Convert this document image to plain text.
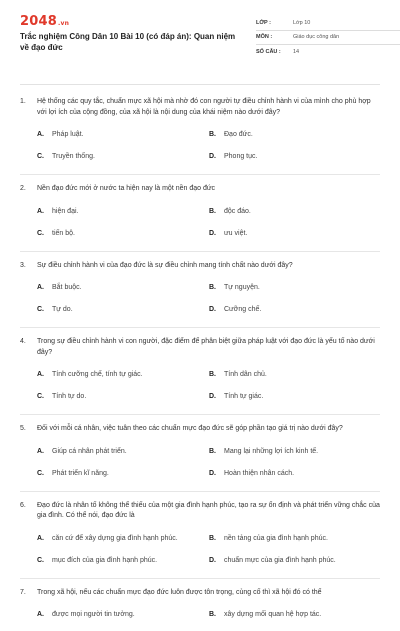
2048.vn
Trắc nghiệm Công Dân 10 Bài 10 (có đáp án): Quan niệm về đạo đức
LỚP :	Lớp 10
MÔN :	Giáo dục công dân
SỐ CÂU :	14
1.	Hệ thống các quy tắc, chuẩn mực xã hội mà nhờ đó con người tự điều chỉnh hành vi của mình cho phù hợp với lợi ích của cộng đồng, của xã hội là nội dung của khái niệm nào dưới đây?
A.	Pháp luật.	B.	Đạo đức.
C.	Truyền thống.	D.	Phong tục.
2.	Nền đạo đức mới ở nước ta hiện nay là một nền đạo đức
A.	hiện đại.	B.	độc đáo.
C.	tiến bộ.	D.	ưu việt.
3.	Sự điều chỉnh hành vi của đạo đức là sự điều chỉnh mang tính chất nào dưới đây?
A.	Bắt buộc.	B.	Tự nguyện.
C.	Tự do.	D.	Cưỡng chế.
4.	Trong sự điều chỉnh hành vi con người, đặc điểm để phân biệt giữa pháp luật với đạo đức là yếu tố nào dưới đây?
A.	Tính cưỡng chế, tính tự giác.	B.	Tính dân chủ.
C.	Tính tự do.	D.	Tính tự giác.
5.	Đối với mỗi cá nhân, việc tuân theo các chuẩn mực đạo đức sẽ góp phần tạo giá trị nào dưới đây?
A.	Giúp cá nhân phát triển.	B.	Mang lại những lợi ích kinh tế.
C.	Phát triển kĩ năng.	D.	Hoàn thiện nhân cách.
6.	Đạo đức là nhân tố không thể thiếu của một gia đình hạnh phúc, tạo ra sự ổn định và phát triển vững chắc của gia đình. Có thể nói, đạo đức là
A.	căn cứ để xây dựng gia đình hạnh phúc.	B.	nền tảng của gia đình hạnh phúc.
C.	mục đích của gia đình hạnh phúc.	D.	chuẩn mực của gia đình hạnh phúc.
7.	Trong xã hội, nếu các chuẩn mực đạo đức luôn được tôn trọng, củng cố thì xã hội đó có thể
A.	được mọi người tin tưởng.	B.	xây dựng mối quan hệ hợp tác.
